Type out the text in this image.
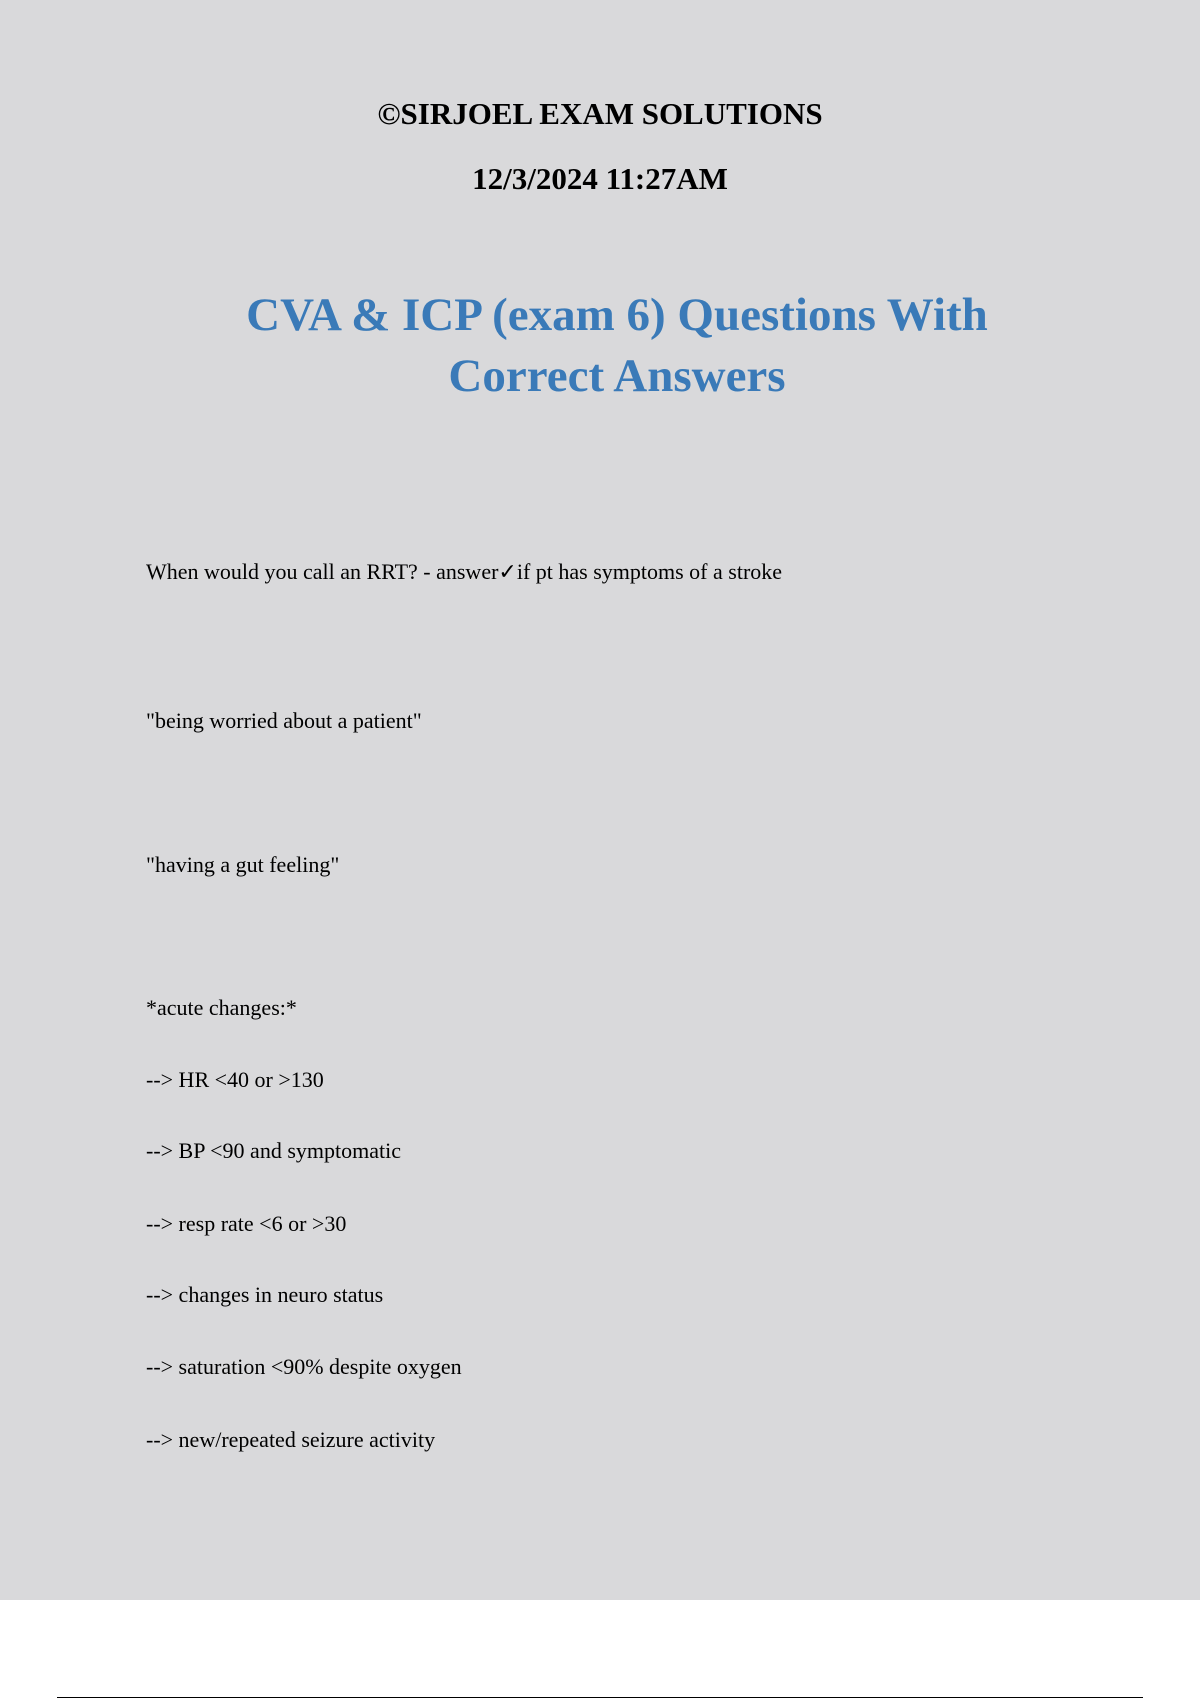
©SIRJOEL EXAM SOLUTIONS

12/3/2024 11:27AM

CVA & ICP (exam 6) Questions With
Correct Answers

When would you call an RRT? - answer✓if pt has symptoms of a stroke

"being worried about a patient"

"having a gut feeling"

*acute changes:*

--> HR <40 or >130

--> BP <90 and symptomatic

--> resp rate <6 or >30

--> changes in neuro status

--> saturation <90% despite oxygen

--> new/repeated seizure activity
